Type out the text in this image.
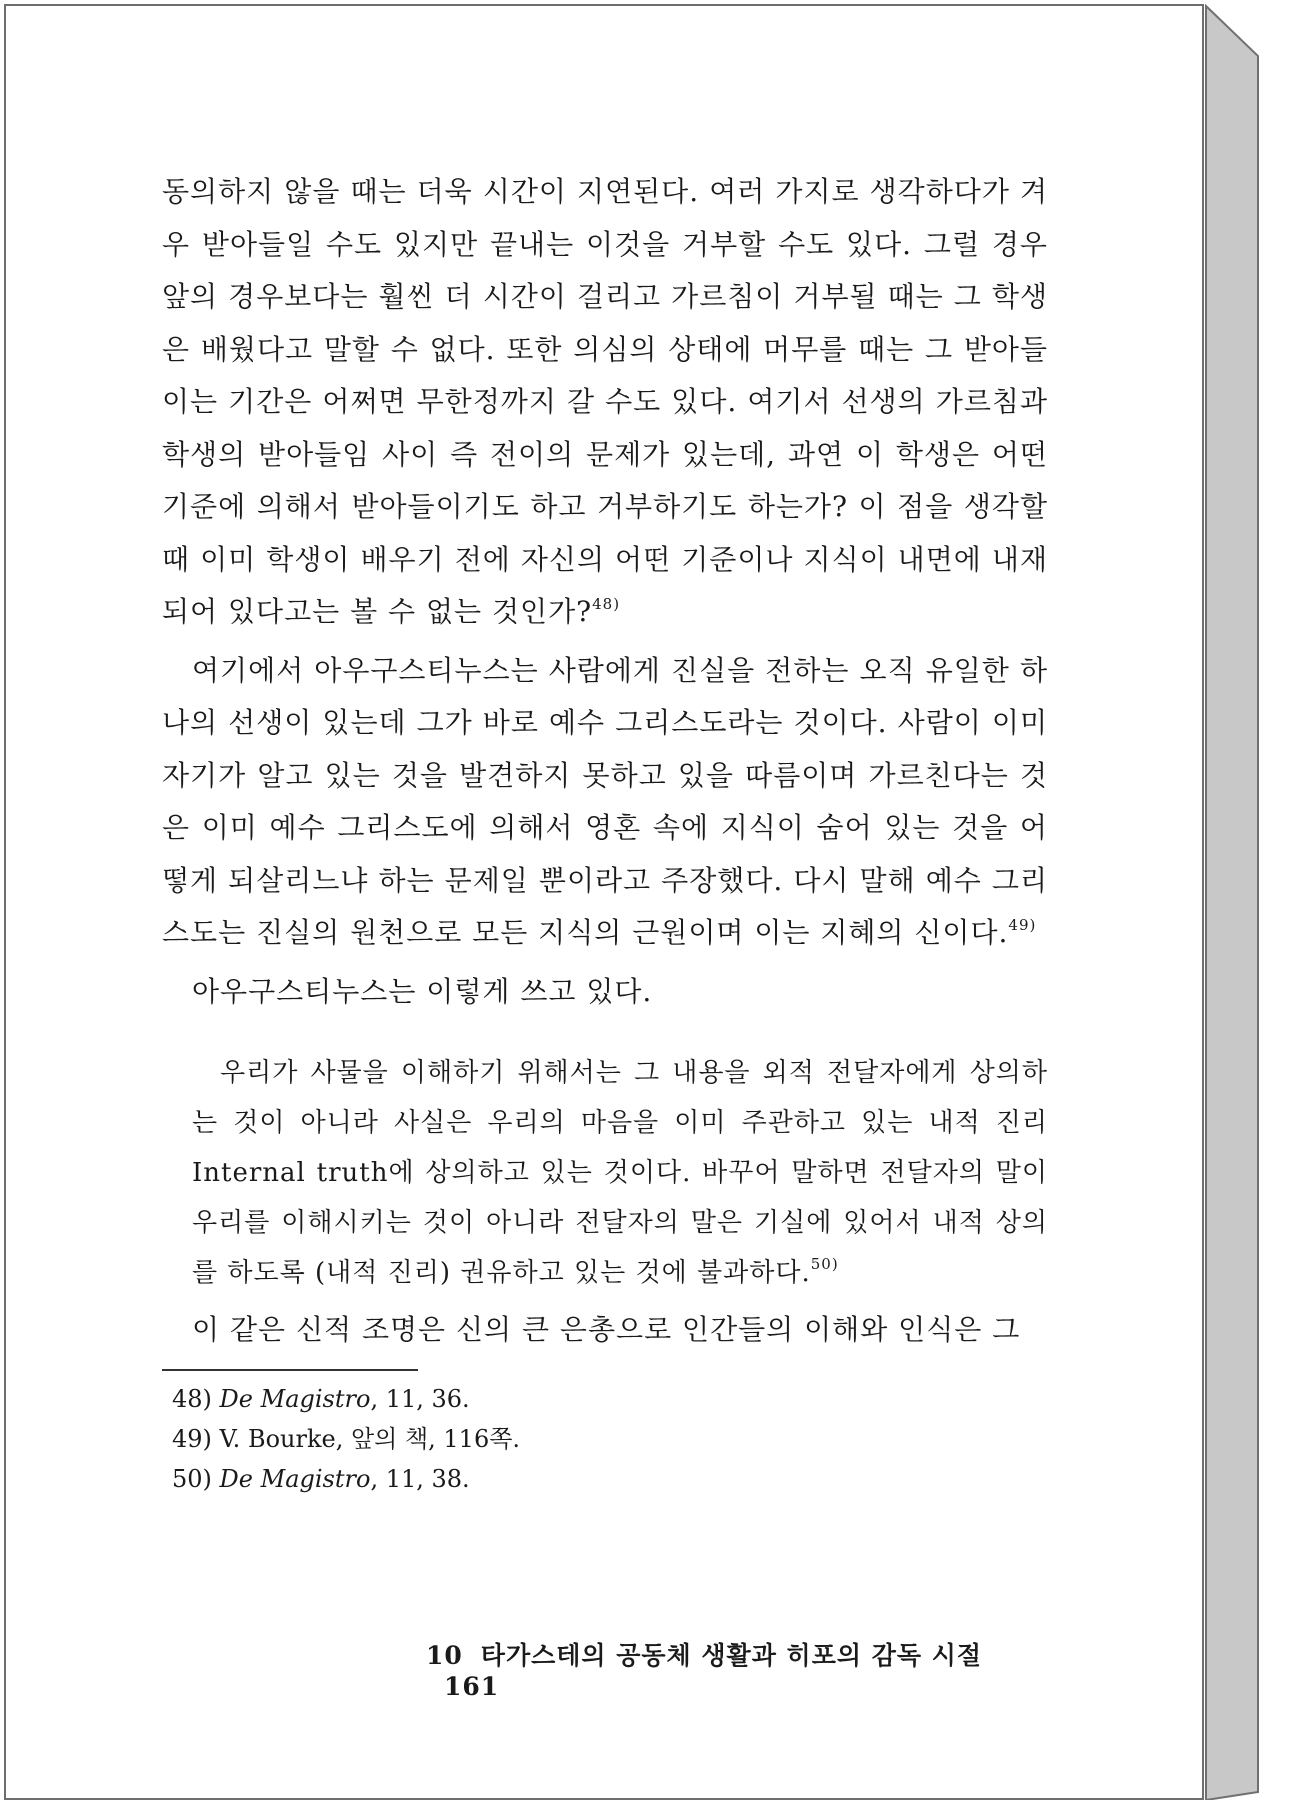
동의하지 않을 때는 더욱 시간이 지연된다. 여러 가지로 생각하다가 겨우 받아들일 수도 있지만 끝내는 이것을 거부할 수도 있다. 그럴 경우 앞의 경우보다는 훨씬 더 시간이 걸리고 가르침이 거부될 때는 그 학생은 배웠다고 말할 수 없다. 또한 의심의 상태에 머무를 때는 그 받아들이는 기간은 어쩌면 무한정까지 갈 수도 있다. 여기서 선생의 가르침과 학생의 받아들임 사이 즉 전이의 문제가 있는데, 과연 이 학생은 어떤 기준에 의해서 받아들이기도 하고 거부하기도 하는가? 이 점을 생각할 때 이미 학생이 배우기 전에 자신의 어떤 기준이나 지식이 내면에 내재되어 있다고는 볼 수 없는 것인가?$^{48)}$

여기에서 아우구스티누스는 사람에게 진실을 전하는 오직 유일한 하나의 선생이 있는데 그가 바로 예수 그리스도라는 것이다. 사람이 이미 자기가 알고 있는 것을 발견하지 못하고 있을 따름이며 가르친다는 것은 이미 예수 그리스도에 의해서 영혼 속에 지식이 숨어 있는 것을 어떻게 되살리느냐 하는 문제일 뿐이라고 주장했다. 다시 말해 예수 그리스도는 진실의 원천으로 모든 지식의 근원이며 이는 지혜의 신이다.$^{49)}$

아우구스티누스는 이렇게 쓰고 있다.

우리가 사물을 이해하기 위해서는 그 내용을 외적 전달자에게 상의하는 것이 아니라 사실은 우리의 마음을 이미 주관하고 있는 내적 진리 Internal truth에 상의하고 있는 것이다. 바꾸어 말하면 전달자의 말이 우리를 이해시키는 것이 아니라 전달자의 말은 기실에 있어서 내적 상의를 하도록 (내적 진리) 권유하고 있는 것에 불과하다.$^{50)}$

이 같은 신적 조명은 신의 큰 은총으로 인간들의 이해와 인식은 그

48) De Magistro, 11, 36.

49) V. Bourke, 앞의 책, 116쪽.

50) De Magistro, 11, 38.

10 타가스테의 공동체 생활과 히포의 감독 시절161
